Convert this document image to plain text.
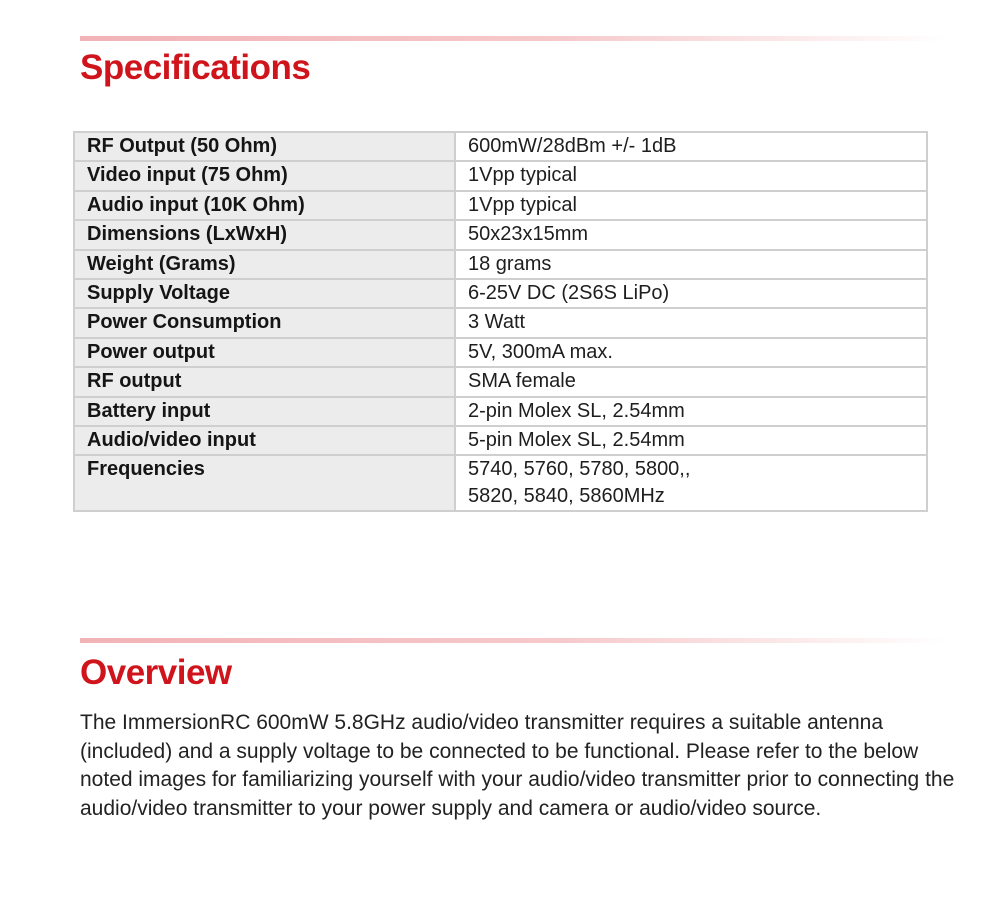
Specifications
RF Output (50 Ohm)	600mW/28dBm +/- 1dB

Video input (75 Ohm)	1Vpp typical

Audio input (10K Ohm)	1Vpp typical

Dimensions (LxWxH)	50x23x15mm

Weight (Grams)	18 grams

Supply Voltage	6-25V DC (2S6S LiPo)

Power Consumption	3 Watt

Power output	5V, 300mA max.

RF output	SMA female

Battery input	2-pin Molex SL, 2.54mm

Audio/video input	5-pin Molex SL, 2.54mm

Frequencies	5740, 5760, 5780, 5800,,
5820, 5840, 5860MHz
Overview

The ImmersionRC 600mW 5.8GHz audio/video transmitter requires a suitable antenna (included) and a supply voltage to be connected to be functional. Please refer to the below noted images for familiarizing yourself with your audio/video transmitter prior to connecting the audio/video transmitter to your power supply and camera or audio/video source.
